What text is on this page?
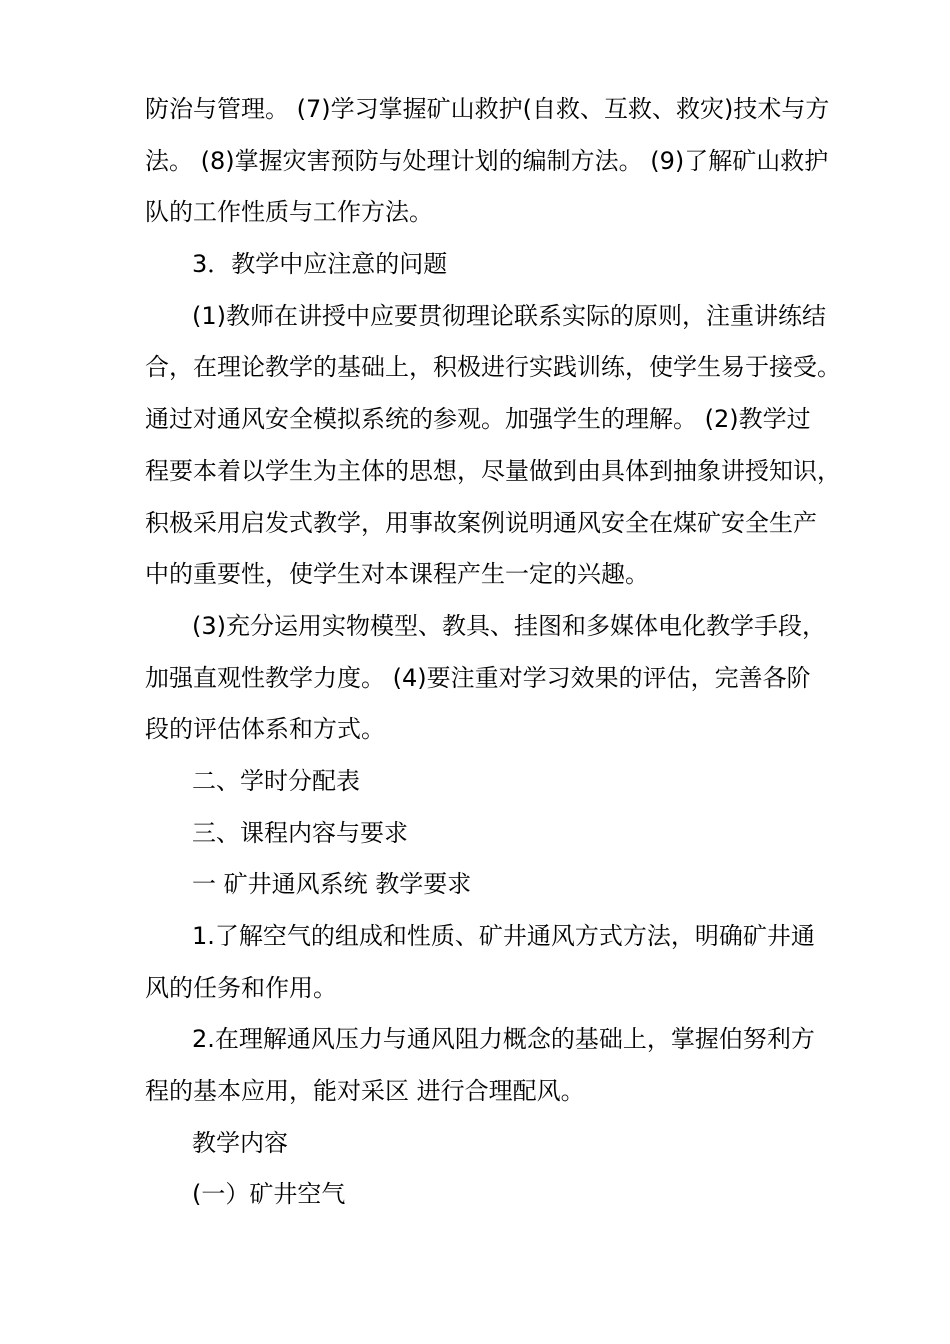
防治与管理。 (7)学习掌握矿山救护(自救、互救、救灾)技术与方

法。 (8)掌握灾害预防与处理计划的编制方法。 (9)了解矿山救护

队的工作性质与工作方法。

3．教学中应注意的问题

(1)教师在讲授中应要贯彻理论联系实际的原则，注重讲练结

合，在理论教学的基础上，积极进行实践训练，使学生易于接受。

通过对通风安全模拟系统的参观。加强学生的理解。 (2)教学过

程要本着以学生为主体的思想，尽量做到由具体到抽象讲授知识，

积极采用启发式教学，用事故案例说明通风安全在煤矿安全生产

中的重要性，使学生对本课程产生一定的兴趣。

(3)充分运用实物模型、教具、挂图和多媒体电化教学手段，

加强直观性教学力度。 (4)要注重对学习效果的评估，完善各阶

段的评估体系和方式。

二、学时分配表

三、课程内容与要求

一 矿井通风系统 教学要求

1.了解空气的组成和性质、矿井通风方式方法，明确矿井通

风的任务和作用。

2.在理解通风压力与通风阻力概念的基础上，掌握伯努利方

程的基本应用，能对采区 进行合理配风。

教学内容

(一）矿井空气
